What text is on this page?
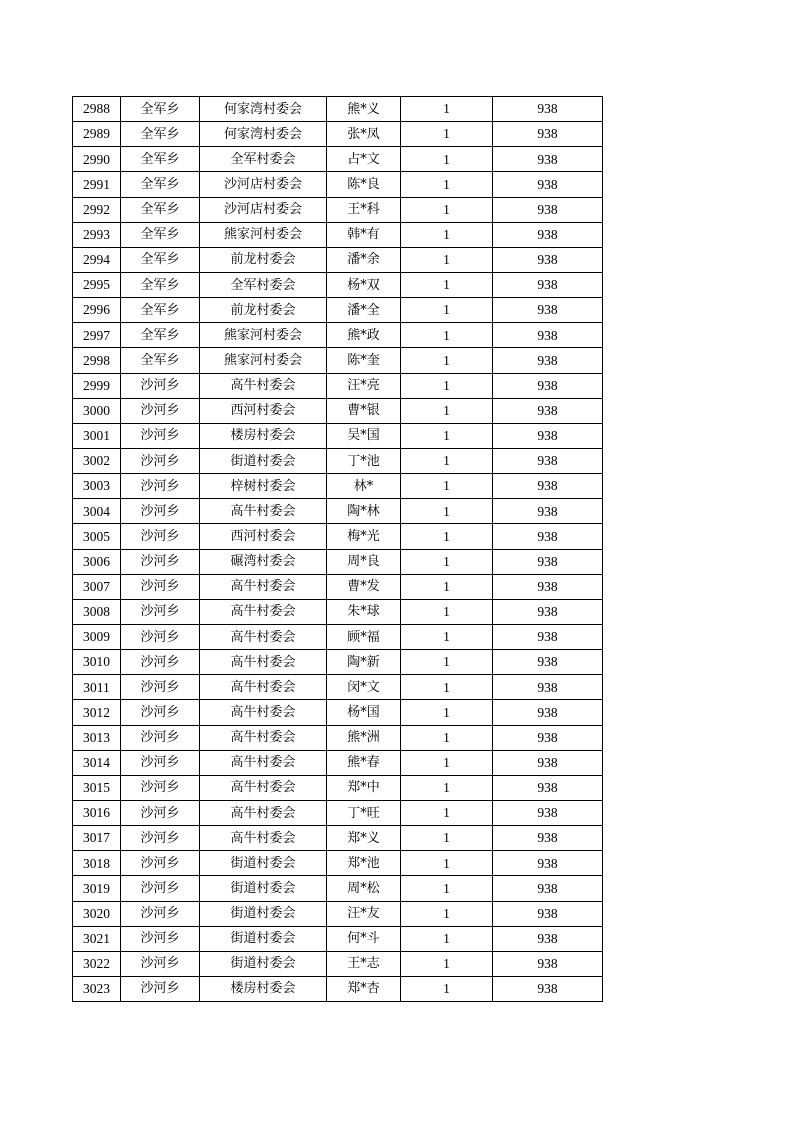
2988	全军乡	何家湾村委会	熊*义	1	938
2989	全军乡	何家湾村委会	张*凤	1	938
2990	全军乡	全军村委会	占*文	1	938
2991	全军乡	沙河店村委会	陈*良	1	938
2992	全军乡	沙河店村委会	王*科	1	938
2993	全军乡	熊家河村委会	韩*有	1	938
2994	全军乡	前龙村委会	潘*余	1	938
2995	全军乡	全军村委会	杨*双	1	938
2996	全军乡	前龙村委会	潘*全	1	938
2997	全军乡	熊家河村委会	熊*政	1	938
2998	全军乡	熊家河村委会	陈*奎	1	938
2999	沙河乡	高牛村委会	汪*亮	1	938
3000	沙河乡	西河村委会	曹*银	1	938
3001	沙河乡	楼房村委会	吴*国	1	938
3002	沙河乡	街道村委会	丁*池	1	938
3003	沙河乡	梓树村委会	林*	1	938
3004	沙河乡	高牛村委会	陶*林	1	938
3005	沙河乡	西河村委会	梅*光	1	938
3006	沙河乡	碾湾村委会	周*良	1	938
3007	沙河乡	高牛村委会	曹*发	1	938
3008	沙河乡	高牛村委会	朱*球	1	938
3009	沙河乡	高牛村委会	顾*福	1	938
3010	沙河乡	高牛村委会	陶*新	1	938
3011	沙河乡	高牛村委会	闵*文	1	938
3012	沙河乡	高牛村委会	杨*国	1	938
3013	沙河乡	高牛村委会	熊*洲	1	938
3014	沙河乡	高牛村委会	熊*春	1	938
3015	沙河乡	高牛村委会	郑*中	1	938
3016	沙河乡	高牛村委会	丁*旺	1	938
3017	沙河乡	高牛村委会	郑*义	1	938
3018	沙河乡	街道村委会	郑*池	1	938
3019	沙河乡	街道村委会	周*松	1	938
3020	沙河乡	街道村委会	汪*友	1	938
3021	沙河乡	街道村委会	何*斗	1	938
3022	沙河乡	街道村委会	王*志	1	938
3023	沙河乡	楼房村委会	郑*杏	1	938
